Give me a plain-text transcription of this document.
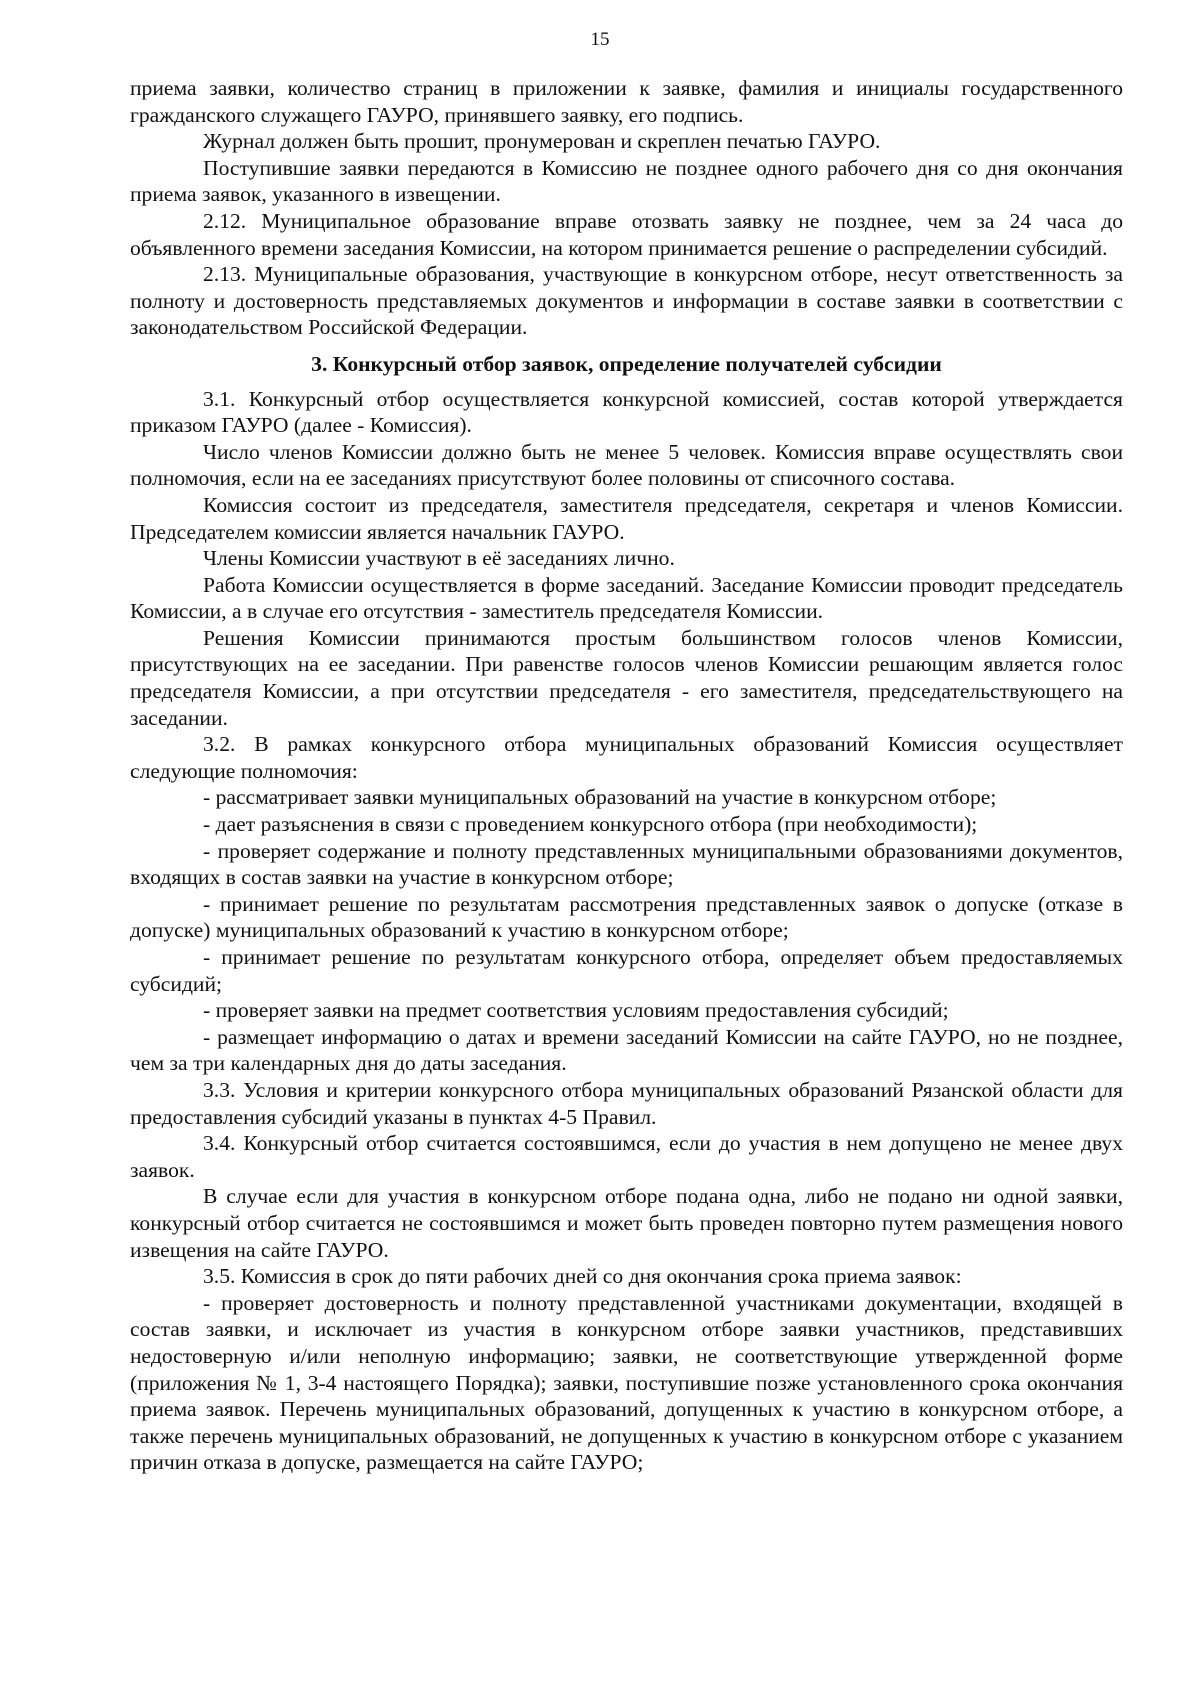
15

приема заявки, количество страниц в приложении к заявке, фамилия и инициалы государственного гражданского служащего ГАУРО, принявшего заявку, его подпись.

Журнал должен быть прошит, пронумерован и скреплен печатью ГАУРО.

Поступившие заявки передаются в Комиссию не позднее одного рабочего дня со дня окончания приема заявок, указанного в извещении.

2.12. Муниципальное образование вправе отозвать заявку не позднее, чем за 24 часа до объявленного времени заседания Комиссии, на котором принимается решение о распределении субсидий.

2.13. Муниципальные образования, участвующие в конкурсном отборе, несут ответственность за полноту и достоверность представляемых документов и информации в составе заявки в соответствии с законодательством Российской Федерации.

3. Конкурсный отбор заявок, определение получателей субсидии

3.1. Конкурсный отбор осуществляется конкурсной комиссией, состав которой утверждается приказом ГАУРО (далее - Комиссия).

Число членов Комиссии должно быть не менее 5 человек. Комиссия вправе осуществлять свои полномочия, если на ее заседаниях присутствуют более половины от списочного состава.

Комиссия состоит из председателя, заместителя председателя, секретаря и членов Комиссии. Председателем комиссии является начальник ГАУРО.

Члены Комиссии участвуют в её заседаниях лично.

Работа Комиссии осуществляется в форме заседаний. Заседание Комиссии проводит председатель Комиссии, а в случае его отсутствия - заместитель председателя Комиссии.

Решения Комиссии принимаются простым большинством голосов членов Комиссии, присутствующих на ее заседании. При равенстве голосов членов Комиссии решающим является голос председателя Комиссии, а при отсутствии председателя - его заместителя, председательствующего на заседании.

3.2. В рамках конкурсного отбора муниципальных образований Комиссия осуществляет следующие полномочия:

- рассматривает заявки муниципальных образований на участие в конкурсном отборе;

- дает разъяснения в связи с проведением конкурсного отбора (при необходимости);

- проверяет содержание и полноту представленных муниципальными образованиями документов, входящих в состав заявки на участие в конкурсном отборе;

- принимает решение по результатам рассмотрения представленных заявок о допуске (отказе в допуске) муниципальных образований к участию в конкурсном отборе;

- принимает решение по результатам конкурсного отбора, определяет объем предоставляемых субсидий;

- проверяет заявки на предмет соответствия условиям предоставления субсидий;

- размещает информацию о датах и времени заседаний Комиссии на сайте ГАУРО, но не позднее, чем за три календарных дня до даты заседания.

3.3. Условия и критерии конкурсного отбора муниципальных образований Рязанской области для предоставления субсидий указаны в пунктах 4-5 Правил.

3.4. Конкурсный отбор считается состоявшимся, если до участия в нем допущено не менее двух заявок.

В случае если для участия в конкурсном отборе подана одна, либо не подано ни одной заявки, конкурсный отбор считается не состоявшимся и может быть проведен повторно путем размещения нового извещения на сайте ГАУРО.

3.5. Комиссия в срок до пяти рабочих дней со дня окончания срока приема заявок:

- проверяет достоверность и полноту представленной участниками документации, входящей в состав заявки, и исключает из участия в конкурсном отборе заявки участников, представивших недостоверную и/или неполную информацию; заявки, не соответствующие утвержденной форме (приложения № 1, 3-4 настоящего Порядка); заявки, поступившие позже установленного срока окончания приема заявок. Перечень муниципальных образований, допущенных к участию в конкурсном отборе, а также перечень муниципальных образований, не допущенных к участию в конкурсном отборе с указанием причин отказа в допуске, размещается на сайте ГАУРО;
